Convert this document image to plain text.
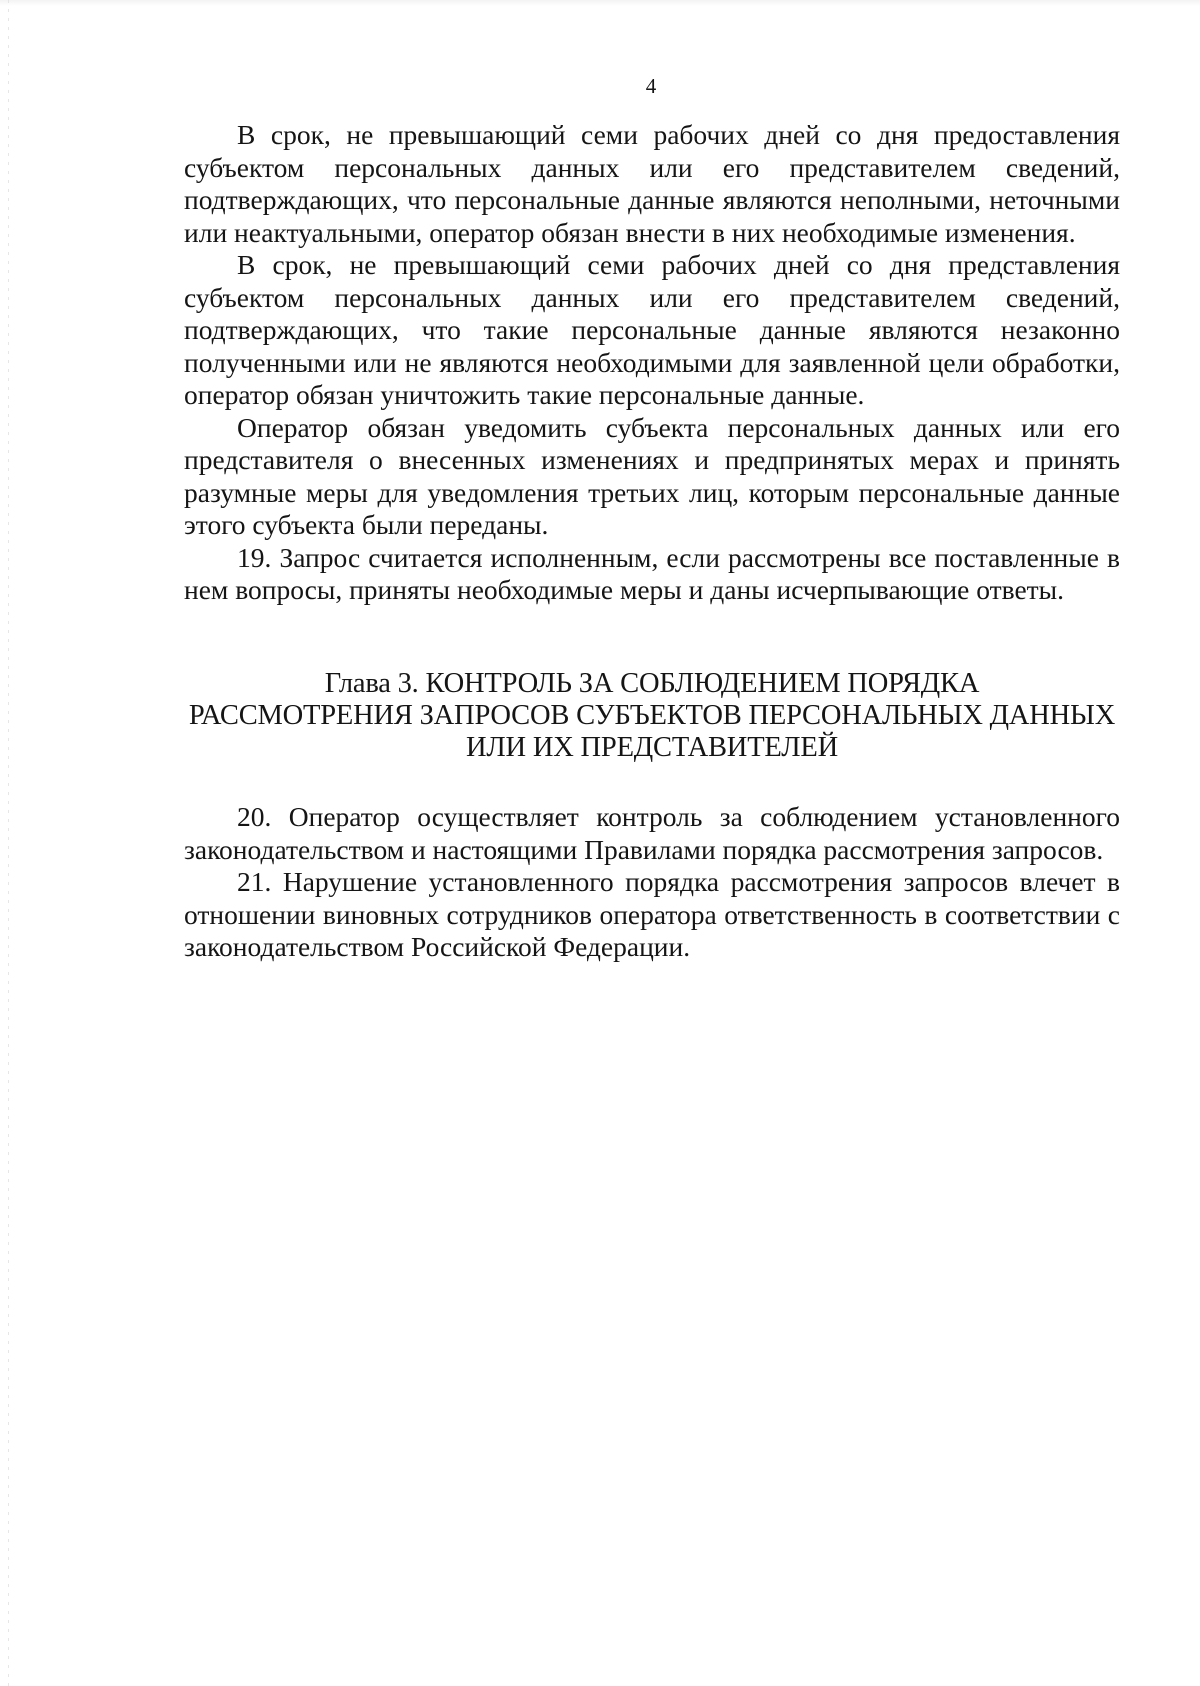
4

В срок, не превышающий семи рабочих дней со дня предоставления субъектом персональных данных или его представителем сведений, подтверждающих, что персональные данные являются неполными, неточными или неактуальными, оператор обязан внести в них необходимые изменения.

В срок, не превышающий семи рабочих дней со дня представления субъектом персональных данных или его представителем сведений, подтверждающих, что такие персональные данные являются незаконно полученными или не являются необходимыми для заявленной цели обработки, оператор обязан уничтожить такие персональные данные.

Оператор обязан уведомить субъекта персональных данных или его представителя о внесенных изменениях и предпринятых мерах и принять разумные меры для уведомления третьих лиц, которым персональные данные этого субъекта были переданы.

19. Запрос считается исполненным, если рассмотрены все поставленные в нем вопросы, приняты необходимые меры и даны исчерпывающие ответы.

Глава 3. КОНТРОЛЬ ЗА СОБЛЮДЕНИЕМ ПОРЯДКА
РАССМОТРЕНИЯ ЗАПРОСОВ СУБЪЕКТОВ ПЕРСОНАЛЬНЫХ ДАННЫХ
ИЛИ ИХ ПРЕДСТАВИТЕЛЕЙ

20. Оператор осуществляет контроль за соблюдением установленного законодательством и настоящими Правилами порядка рассмотрения запросов.

21. Нарушение установленного порядка рассмотрения запросов влечет в отношении виновных сотрудников оператора ответственность в соответствии с законодательством Российской Федерации.
